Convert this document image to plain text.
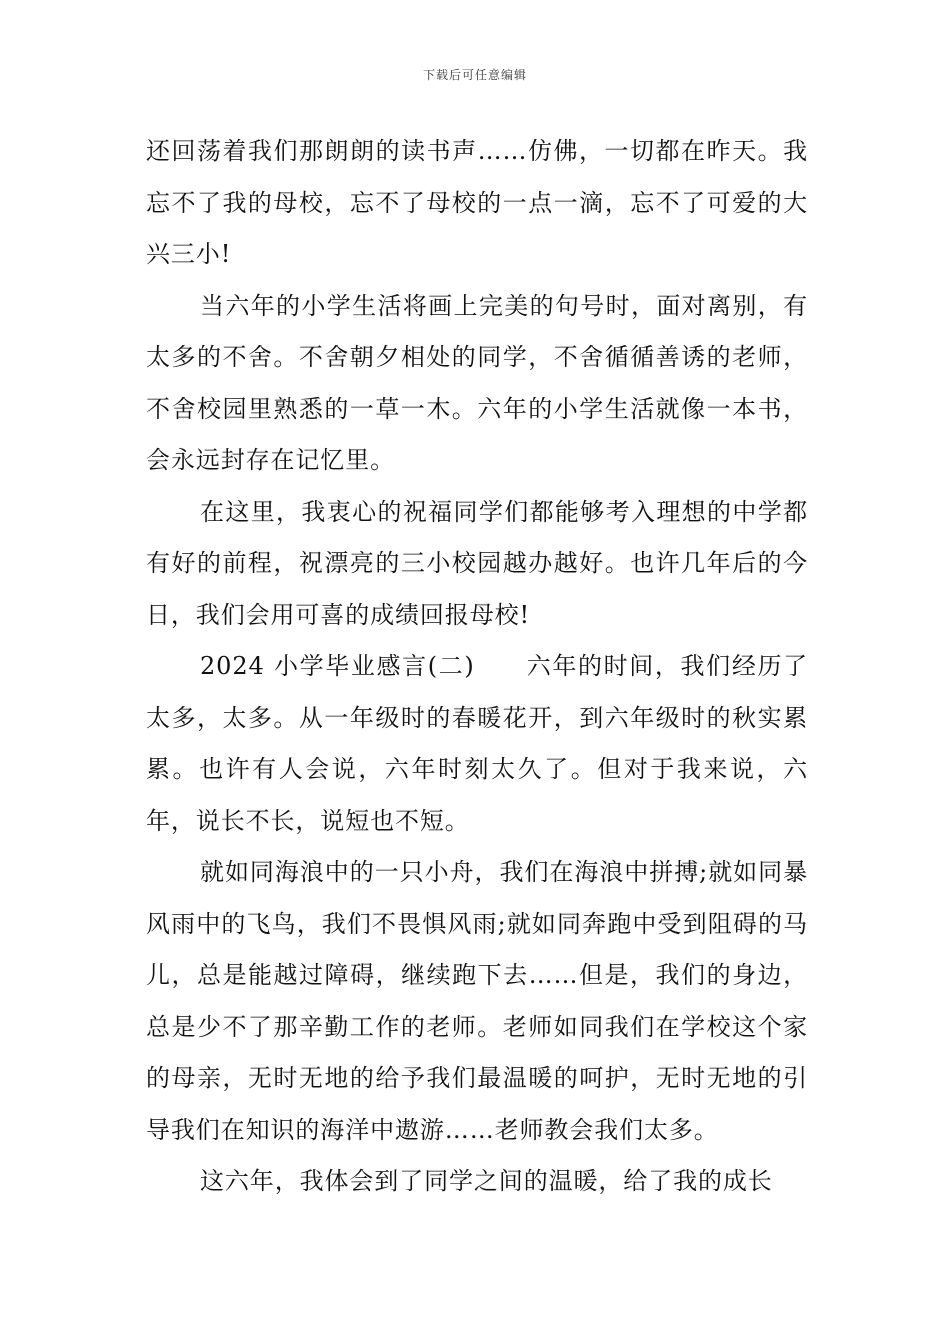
下载后可任意编辑

还回荡着我们那朗朗的读书声……仿佛，一切都在昨天。我忘不了我的母校，忘不了母校的一点一滴，忘不了可爱的大兴三小!

当六年的小学生活将画上完美的句号时，面对离别，有太多的不舍。不舍朝夕相处的同学，不舍循循善诱的老师，不舍校园里熟悉的一草一木。六年的小学生活就像一本书，会永远封存在记忆里。

在这里，我衷心的祝福同学们都能够考入理想的中学都有好的前程，祝漂亮的三小校园越办越好。也许几年后的今日，我们会用可喜的成绩回报母校!

2024 小学毕业感言(二)　　六年的时间，我们经历了太多，太多。从一年级时的春暖花开，到六年级时的秋实累累。也许有人会说，六年时刻太久了。但对于我来说，六年，说长不长，说短也不短。

就如同海浪中的一只小舟，我们在海浪中拼搏;就如同暴风雨中的飞鸟，我们不畏惧风雨;就如同奔跑中受到阻碍的马儿，总是能越过障碍，继续跑下去……但是，我们的身边，总是少不了那辛勤工作的老师。老师如同我们在学校这个家的母亲，无时无地的给予我们最温暖的呵护，无时无地的引导我们在知识的海洋中遨游……老师教会我们太多。

这六年，我体会到了同学之间的温暖，给了我的成长
